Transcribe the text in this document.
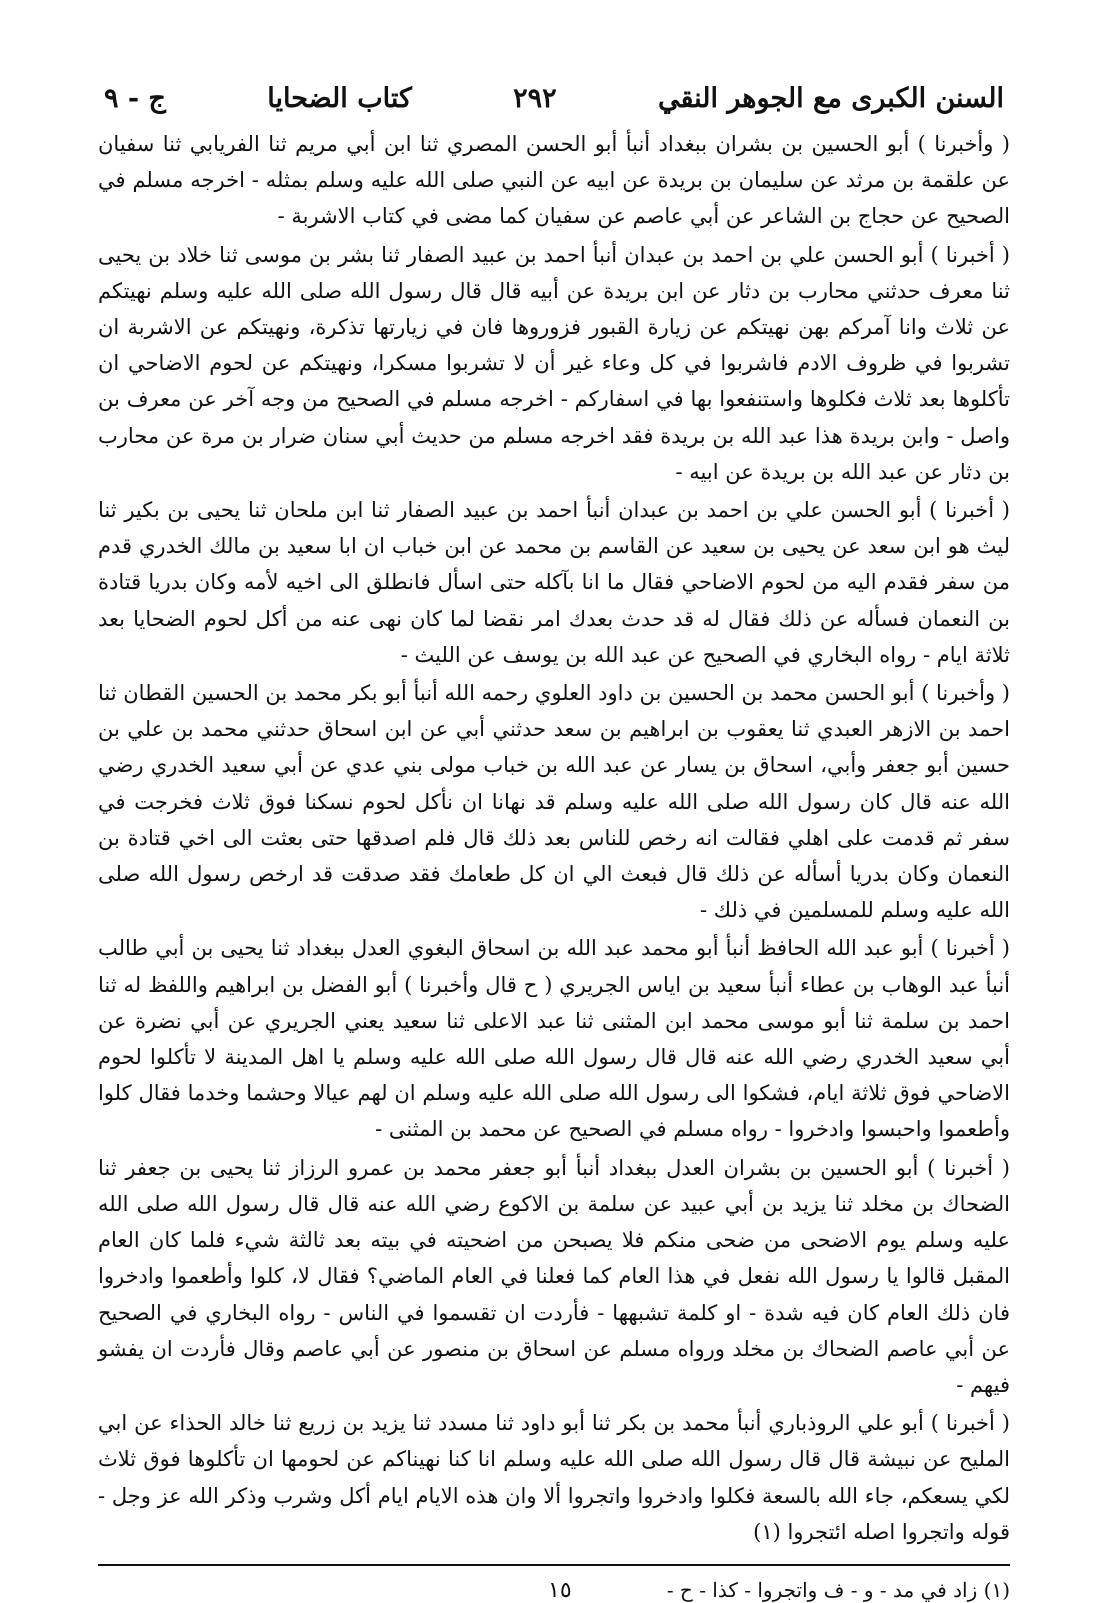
السنن الكبرى مع الجوهر النقي
٢٩٢
كتاب الضحايا
ج - ٩

( وأخبرنا ) أبو الحسين بن بشران ببغداد أنبأ أبو الحسن المصري ثنا ابن أبي مريم ثنا الفريابي ثنا سفيان عن علقمة بن مرثد عن سليمان بن بريدة عن ابيه عن النبي صلى الله عليه وسلم بمثله - اخرجه مسلم في الصحيح عن حجاج بن الشاعر عن أبي عاصم عن سفيان كما مضى في كتاب الاشربة -

( أخبرنا ) أبو الحسن علي بن احمد بن عبدان أنبأ احمد بن عبيد الصفار ثنا بشر بن موسى ثنا خلاد بن يحيى ثنا معرف حدثني محارب بن دثار عن ابن بريدة عن أبيه قال قال رسول الله صلى الله عليه وسلم نهيتكم عن ثلاث وانا آمركم بهن نهيتكم عن زيارة القبور فزوروها فان في زيارتها تذكرة، ونهيتكم عن الاشربة ان تشربوا في ظروف الادم فاشربوا في كل وعاء غير أن لا تشربوا مسكرا، ونهيتكم عن لحوم الاضاحي ان تأكلوها بعد ثلاث فكلوها واستنفعوا بها في اسفاركم - اخرجه مسلم في الصحيح من وجه آخر عن معرف بن واصل - وابن بريدة هذا عبد الله بن بريدة فقد اخرجه مسلم من حديث أبي سنان ضرار بن مرة عن محارب بن دثار عن عبد الله بن بريدة عن ابيه -

( أخبرنا ) أبو الحسن علي بن احمد بن عبدان أنبأ احمد بن عبيد الصفار ثنا ابن ملحان ثنا يحيى بن بكير ثنا ليث هو ابن سعد عن يحيى بن سعيد عن القاسم بن محمد عن ابن خباب ان ابا سعيد بن مالك الخدري قدم من سفر فقدم اليه من لحوم الاضاحي فقال ما انا بآكله حتى اسأل فانطلق الى اخيه لأمه وكان بدريا قتادة بن النعمان فسأله عن ذلك فقال له قد حدث بعدك امر نقضا لما كان نهى عنه من أكل لحوم الضحايا بعد ثلاثة ايام - رواه البخاري في الصحيح عن عبد الله بن يوسف عن الليث -

( وأخبرنا ) أبو الحسن محمد بن الحسين بن داود العلوي رحمه الله أنبأ أبو بكر محمد بن الحسين القطان ثنا احمد بن الازهر العبدي ثنا يعقوب بن ابراهيم بن سعد حدثني أبي عن ابن اسحاق حدثني محمد بن علي بن حسين أبو جعفر وأبي، اسحاق بن يسار عن عبد الله بن خباب مولى بني عدي عن أبي سعيد الخدري رضي الله عنه قال كان رسول الله صلى الله عليه وسلم قد نهانا ان نأكل لحوم نسكنا فوق ثلاث فخرجت في سفر ثم قدمت على اهلي فقالت انه رخص للناس بعد ذلك قال فلم اصدقها حتى بعثت الى اخي قتادة بن النعمان وكان بدريا أسأله عن ذلك قال فبعث الي ان كل طعامك فقد صدقت قد ارخص رسول الله صلى الله عليه وسلم للمسلمين في ذلك -

( أخبرنا ) أبو عبد الله الحافظ أنبأ أبو محمد عبد الله بن اسحاق البغوي العدل ببغداد ثنا يحيى بن أبي طالب أنبأ عبد الوهاب بن عطاء أنبأ سعيد بن اياس الجريري ( ح قال وأخبرنا ) أبو الفضل بن ابراهيم واللفظ له ثنا احمد بن سلمة ثنا أبو موسى محمد ابن المثنى ثنا عبد الاعلى ثنا سعيد يعني الجريري عن أبي نضرة عن أبي سعيد الخدري رضي الله عنه قال قال رسول الله صلى الله عليه وسلم يا اهل المدينة لا تأكلوا لحوم الاضاحي فوق ثلاثة ايام، فشكوا الى رسول الله صلى الله عليه وسلم ان لهم عيالا وحشما وخدما فقال كلوا وأطعموا واحبسوا وادخروا - رواه مسلم في الصحيح عن محمد بن المثنى -

( أخبرنا ) أبو الحسين بن بشران العدل ببغداد أنبأ أبو جعفر محمد بن عمرو الرزاز ثنا يحيى بن جعفر ثنا الضحاك بن مخلد ثنا يزيد بن أبي عبيد عن سلمة بن الاكوع رضي الله عنه قال قال رسول الله صلى الله عليه وسلم يوم الاضحى من ضحى منكم فلا يصبحن من اضحيته في بيته بعد ثالثة شيء فلما كان العام المقبل قالوا يا رسول الله نفعل في هذا العام كما فعلنا في العام الماضي؟ فقال لا، كلوا وأطعموا وادخروا فان ذلك العام كان فيه شدة - او كلمة تشبهها - فأردت ان تقسموا في الناس - رواه البخاري في الصحيح عن أبي عاصم الضحاك بن مخلد ورواه مسلم عن اسحاق بن منصور عن أبي عاصم وقال فأردت ان يفشو فيهم -

( أخبرنا ) أبو علي الروذباري أنبأ محمد بن بكر ثنا أبو داود ثنا مسدد ثنا يزيد بن زريع ثنا خالد الحذاء عن ابي المليح عن نبيشة قال قال رسول الله صلى الله عليه وسلم انا كنا نهيناكم عن لحومها ان تأكلوها فوق ثلاث لكي يسعكم، جاء الله بالسعة فكلوا وادخروا واتجروا ألا وان هذه الايام ايام أكل وشرب وذكر الله عز وجل - قوله واتجروا اصله ائتجروا (١)

(١) زاد في مد - و - ف واتجروا - كذا - ح -
١٥
